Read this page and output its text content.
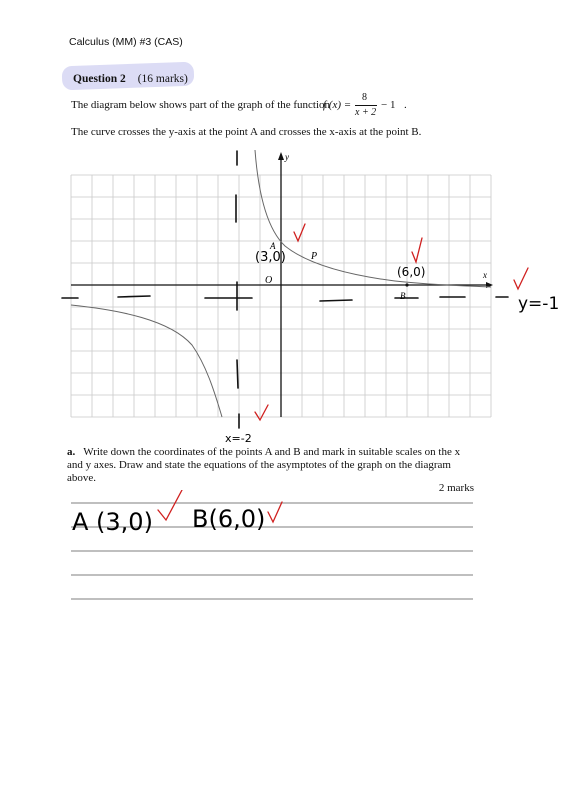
Calculus (MM) #3 (CAS)
Question 2 (16 marks)
The diagram below shows part of the graph of the function
f (x) =
8
x + 2
− 1 .
The curve crosses the y-axis at the point A and crosses the x-axis at the point B.
y
x
A
P
O
B
(3,0)
(6,0)
y=-1
x=-2
a. Write down the coordinates of the points A and B and mark in suitable scales on the x and y axes. Draw and state the equations of the asymptotes of the graph on the diagram above.
2 marks
A (3,0) B(6,0)
